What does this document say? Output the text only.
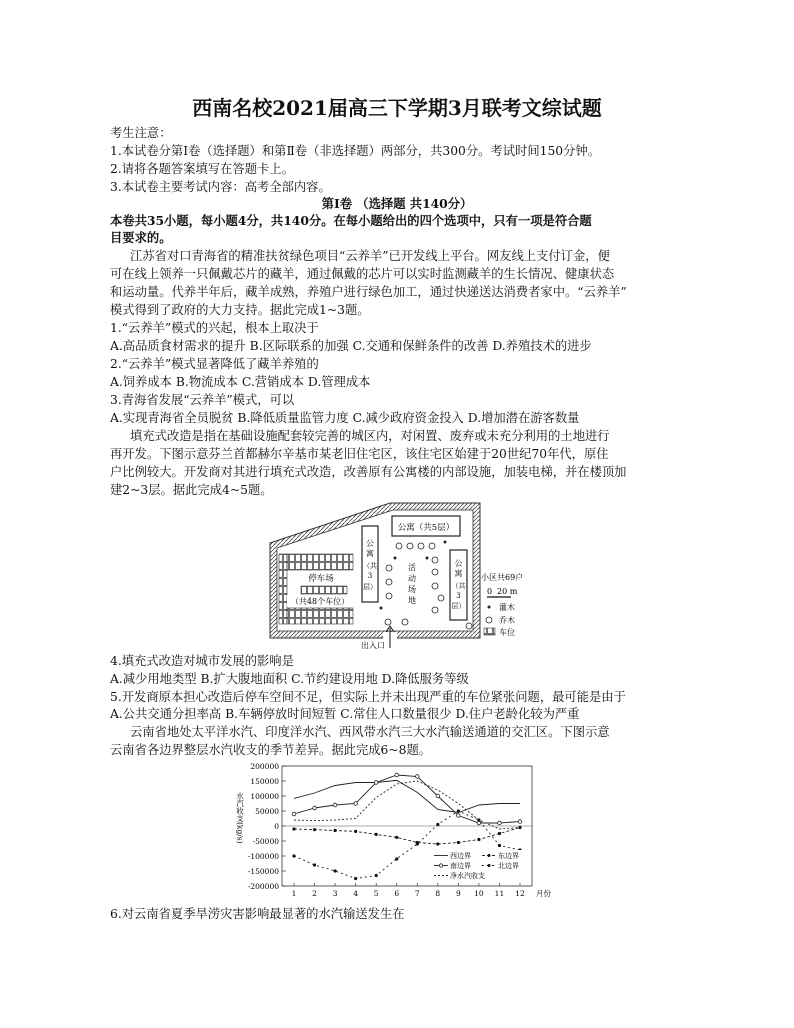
西南名校2021届高三下学期3月联考文综试题
考生注意：
1.本试卷分第Ⅰ卷（选择题）和第Ⅱ卷（非选择题）两部分，共300分。考试时间150分钟。
2.请将各题答案填写在答题卡上。
3.本试卷主要考试内容：高考全部内容。
第Ⅰ卷 （选择题 共140分）
本卷共35小题，每小题4分，共140分。在每小题给出的四个选项中，只有一项是符合题
目要求的。
江苏省对口青海省的精准扶贫绿色项目“云养羊”已开发线上平台。网友线上支付订金，便
可在线上领养一只佩戴芯片的藏羊，通过佩戴的芯片可以实时监测藏羊的生长情况、健康状态
和运动量。代养半年后，藏羊成熟，养殖户进行绿色加工，通过快递送达消费者家中。“云养羊”
模式得到了政府的大力支持。据此完成1~3题。
1.“云养羊”模式的兴起，根本上取决于
A.高品质食材需求的提升 B.区际联系的加强 C.交通和保鲜条件的改善 D.养殖技术的进步
2.“云养羊”模式显著降低了藏羊养殖的
A.饲养成本 B.物流成本 C.营销成本 D.管理成本
3.青海省发展“云养羊”模式，可以
A.实现青海省全员脱贫 B.降低质量监管力度 C.减少政府资金投入 D.增加潜在游客数量
填充式改造是指在基础设施配套较完善的城区内，对闲置、废弃或未充分利用的土地进行
再开发。下图示意芬兰首都赫尔辛基市某老旧住宅区，该住宅区始建于20世纪70年代，原住
户比例较大。开发商对其进行填充式改造，改善原有公寓楼的内部设施，加装电梯，并在楼顶加
建2~3层。据此完成4~5题。
公寓（共5层）
公
寓
（共
3
层）
公
寓
（共
3
层）
停车场
（共48个车位）
活
动
场
地
出入口
小区共69户
0 20 m
灌木
乔木
车位
4.填充式改造对城市发展的影响是
A.减少用地类型 B.扩大腹地面积 C.节约建设用地 D.降低服务等级
5.开发商原本担心改造后停车空间不足，但实际上并未出现严重的车位紧张问题，最可能是由于
A.公共交通分担率高 B.车辆停放时间短暂 C.常住人口数量很少 D.住户老龄化较为严重
云南省地处太平洋水汽、印度洋水汽、西风带水汽三大水汽输送通道的交汇区。下图示意
云南省各边界整层水汽收支的季节差异。据此完成6~8题。
200000
150000
100000
50000
0
-50000
-100000
-150000
-200000
1 2 3 4 5 6 7 8 9 10 11 12 月份
水汽收支(kg/s)
西边界	东边界
南边界	北边界
净水汽收支
6.对云南省夏季旱涝灾害影响最显著的水汽输送发生在
